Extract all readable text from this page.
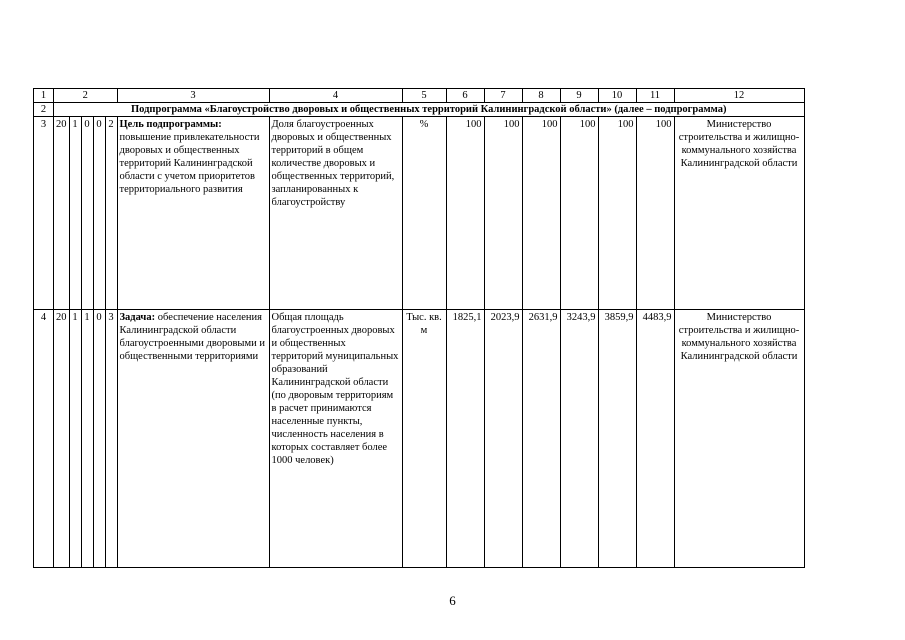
1	2					3	4	5	6	7	8	9	10	11	12
2	Подпрограмма «Благоустройство дворовых и общественных территорий Калининградской области» (далее – подпрограмма)														
3	20	1	0	0	2	Цель подпрограммы: повышение привлекательности дворовых и общественных территорий Калининградской области с учетом приоритетов территориального развития	Доля благоустроенных дворовых и общественных территорий в общем количестве дворовых и общественных территорий, запланированных к благоустройству	%	100	100	100	100	100	100	Министерство строительства и жилищно-коммунального хозяйства Калининградской области
4	20	1	1	0	3	Задача: обеспечение населения Калининградской области благоустроенными дворовыми и общественными территориями	Общая площадь благоустроенных дворовых и общественных территорий муниципальных образований Калининградской области (по дворовым территориям в расчет принимаются населенные пункты, численность населения в которых составляет более 1000 человек)	Тыс. кв. м	1825,1	2023,9	2631,9	3243,9	3859,9	4483,9	Министерство строительства и жилищно-коммунального хозяйства Калининградской области
6
